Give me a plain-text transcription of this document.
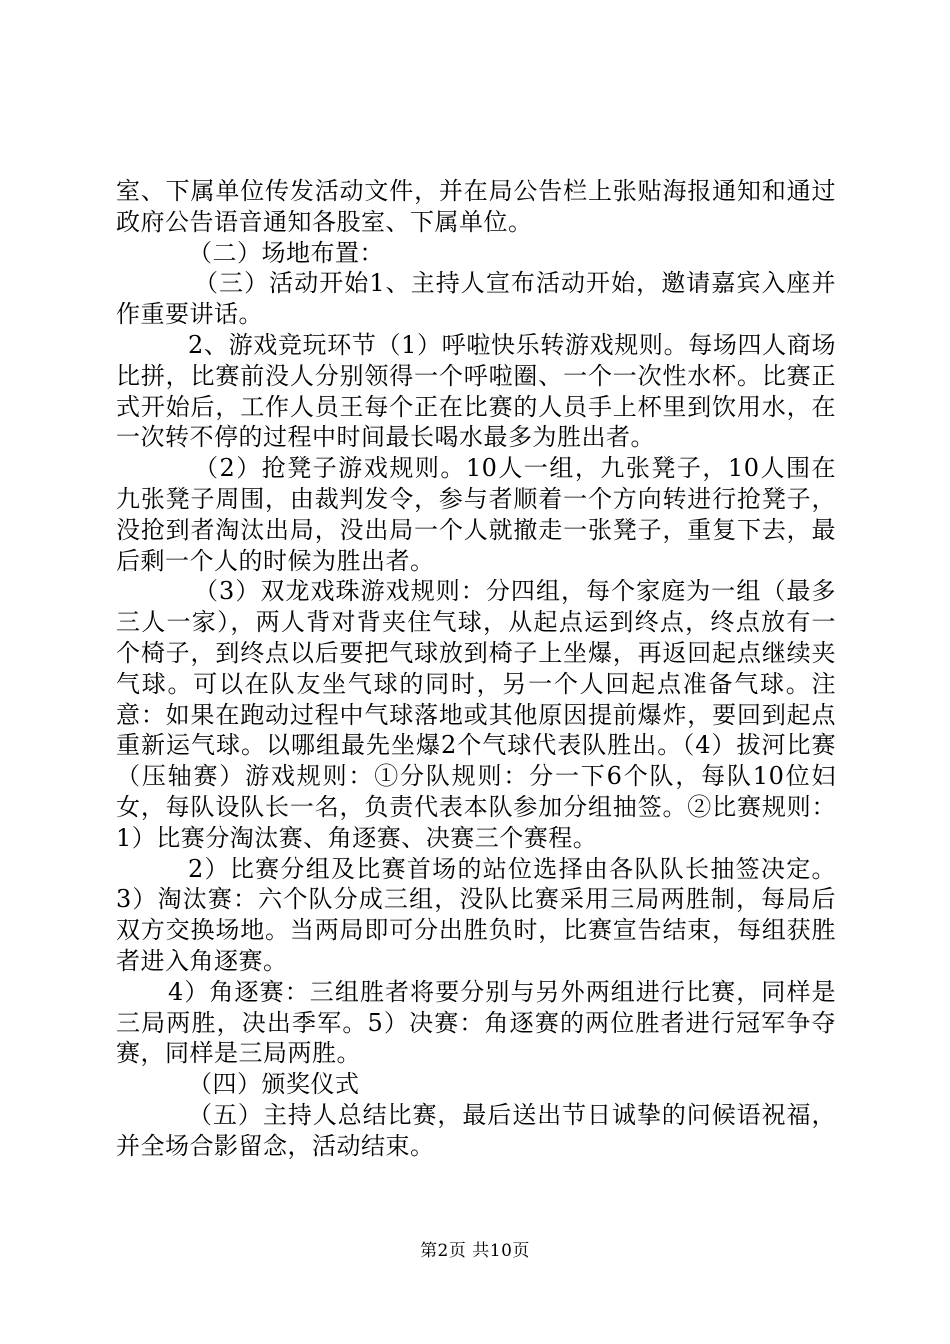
室、下属单位传发活动文件，并在局公告栏上张贴海报通知和通过政府公告语音通知各股室、下属单位。

（二）场地布置：

（三）活动开始1、主持人宣布活动开始，邀请嘉宾入座并作重要讲话。

2、游戏竞玩环节（1）呼啦快乐转游戏规则。每场四人商场比拼，比赛前没人分别领得一个呼啦圈、一个一次性水杯。比赛正式开始后，工作人员王每个正在比赛的人员手上杯里到饮用水，在一次转不停的过程中时间最长喝水最多为胜出者。

（2）抢凳子游戏规则。10人一组，九张凳子，10人围在九张凳子周围，由裁判发令，参与者顺着一个方向转进行抢凳子，没抢到者淘汰出局，没出局一个人就撤走一张凳子，重复下去，最后剩一个人的时候为胜出者。

（3）双龙戏珠游戏规则：分四组，每个家庭为一组（最多三人一家），两人背对背夹住气球，从起点运到终点，终点放有一个椅子，到终点以后要把气球放到椅子上坐爆，再返回起点继续夹气球。可以在队友坐气球的同时，另一个人回起点准备气球。注意：如果在跑动过程中气球落地或其他原因提前爆炸，要回到起点重新运气球。以哪组最先坐爆2个气球代表队胜出。（4）拔河比赛（压轴赛）游戏规则：①分队规则：分一下6个队，每队10位妇女，每队设队长一名，负责代表本队参加分组抽签。②比赛规则：1）比赛分淘汰赛、角逐赛、决赛三个赛程。

2）比赛分组及比赛首场的站位选择由各队队长抽签决定。3）淘汰赛：六个队分成三组，没队比赛采用三局两胜制，每局后双方交换场地。当两局即可分出胜负时，比赛宣告结束，每组获胜者进入角逐赛。

4）角逐赛：三组胜者将要分别与另外两组进行比赛，同样是三局两胜，决出季军。5）决赛：角逐赛的两位胜者进行冠军争夺赛，同样是三局两胜。

（四）颁奖仪式

（五）主持人总结比赛，最后送出节日诚挚的问候语祝福，并全场合影留念，活动结束。

第2页 共10页
